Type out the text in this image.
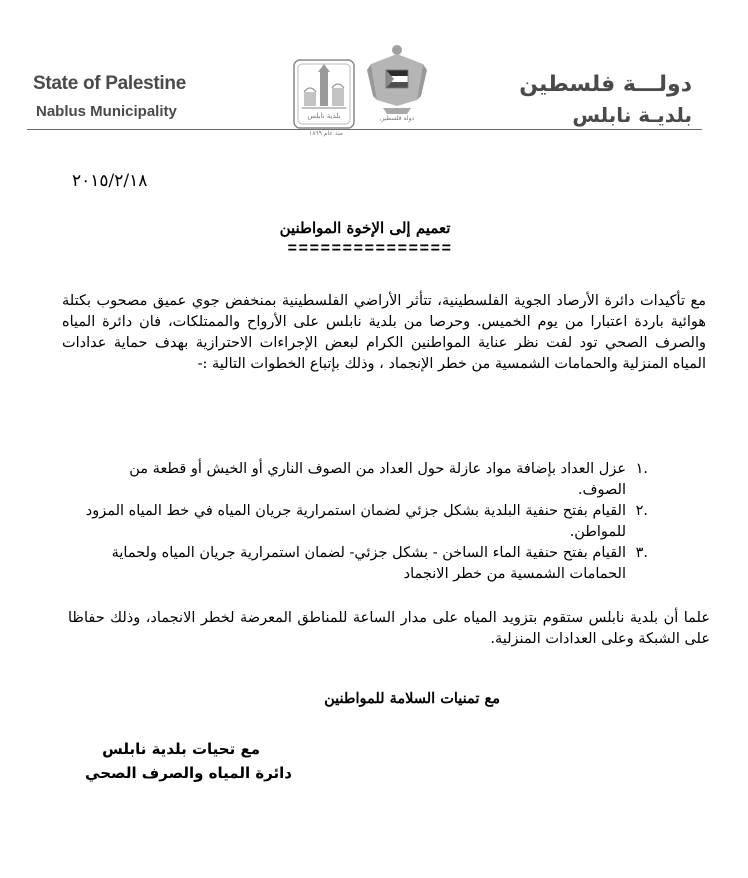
State of Palestine
Nablus Municipality
دولـــة فلسطين
بلديـة نابلس
بلدية نابلس
منذ عام ١٨٦٩
دولة فلسطين
٢٠١٥/٢/١٨
تعميم إلى الإخوة المواطنين
===============
مع تأكيدات دائرة الأرصاد الجوية الفلسطينية، تتأثر الأراضي الفلسطينية بمنخفض جوي عميق مصحوب بكتلة هوائية باردة اعتبارا من يوم الخميس. وحرصا من بلدية نابلس على الأرواح والممتلكات، فان دائرة المياه والصرف الصحي تود لفت نظر عناية المواطنين الكرام لبعض الإجراءات الاحترازية بهدف حماية عدادات المياه المنزلية والحمامات الشمسية من خطر الإنجماد ، وذلك بإتباع الخطوات التالية :-
.١
عزل العداد بإضافة مواد عازلة حول العداد من الصوف الناري أو الخيش أو قطعة من الصوف.
.٢
القيام بفتح حنفية البلدية بشكل جزئي لضمان استمرارية جريان المياه في خط المياه المزود للمواطن.
.٣
القيام بفتح حنفية الماء الساخن - بشكل جزئي- لضمان استمرارية جريان المياه ولحماية الحمامات الشمسية من خطر الانجماد
علما أن بلدية نابلس ستقوم بتزويد المياه على مدار الساعة للمناطق المعرضة لخطر الانجماد، وذلك حفاظا على الشبكة وعلى العدادات المنزلية.
مع تمنيات السلامة للمواطنين
مع تحيات بلدية نابلس
دائرة المياه والصرف الصحي
